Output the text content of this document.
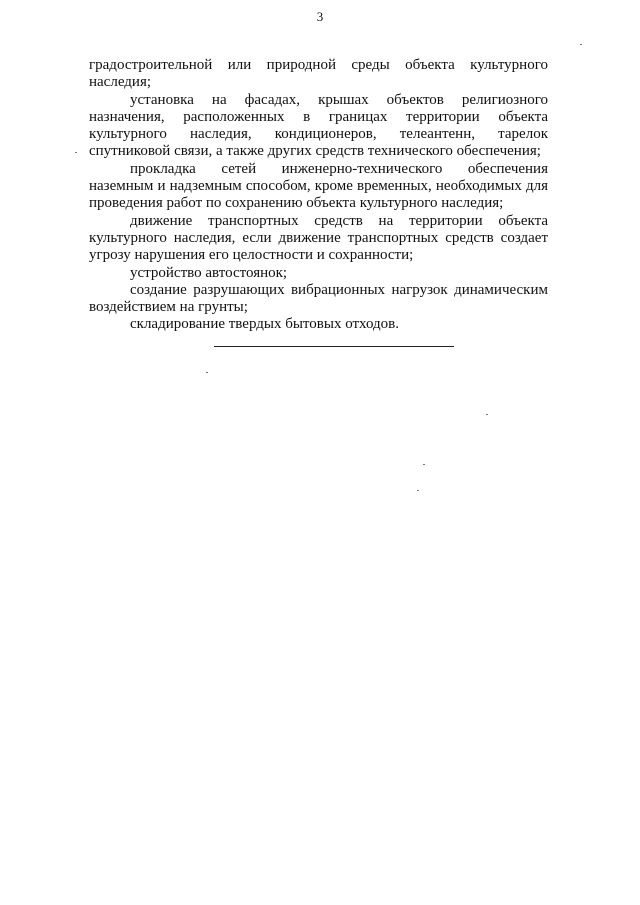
3

градостроительной или природной среды объекта культурного наследия;

установка на фасадах, крышах объектов религиозного назначения, расположенных в границах территории объекта культурного наследия, кондиционеров, телеантенн, тарелок спутниковой связи, а также других средств технического обеспечения;

прокладка сетей инженерно-технического обеспечения наземным и надземным способом, кроме временных, необходимых для проведения работ по сохранению объекта культурного наследия;

движение транспортных средств на территории объекта культурного наследия, если движение транспортных средств создает угрозу нарушения его целостности и сохранности;

устройство автостоянок;

создание разрушающих вибрационных нагрузок динамическим воздействием на грунты;

складирование твердых бытовых отходов.
